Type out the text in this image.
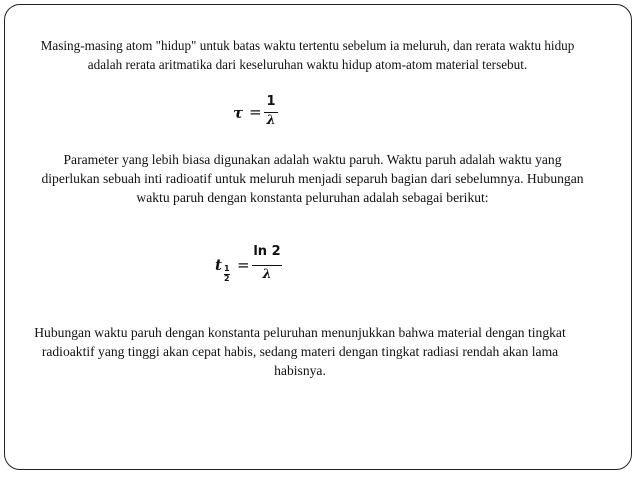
Masing-masing atom "hidup" untuk batas waktu tertentu sebelum ia meluruh, dan rerata waktu hidup adalah rerata aritmatika dari keseluruhan waktu hidup atom-atom material tersebut.

τ =
1
λ

Parameter yang lebih biasa digunakan adalah waktu paruh. Waktu paruh adalah waktu yang diperlukan sebuah inti radioatif untuk meluruh menjadi separuh bagian dari sebelumnya. Hubungan waktu paruh dengan konstanta peluruhan adalah sebagai berikut:

t 1
2
=
ln 2
λ

Hubungan waktu paruh dengan konstanta peluruhan menunjukkan bahwa material dengan tingkat radioaktif yang tinggi akan cepat habis, sedang materi dengan tingkat radiasi rendah akan lama habisnya.
